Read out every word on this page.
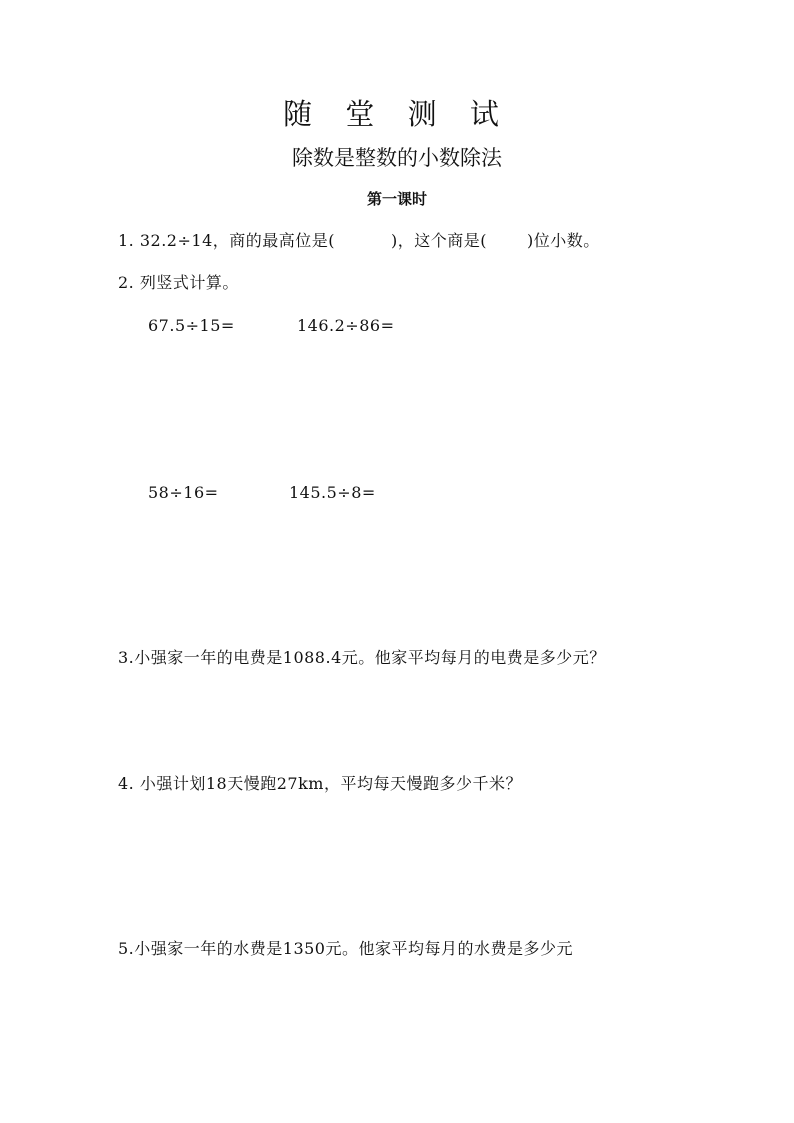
随 堂 测 试
除数是整数的小数除法
第一课时
1. 32.2÷14，商的最高位是(	)，这个商是(	)位小数。
2. 列竖式计算。
67.5÷15=	146.2÷86=
58÷16=	145.5÷8=
3.小强家一年的电费是1088.4元。他家平均每月的电费是多少元？
4. 小强计划18天慢跑27km，平均每天慢跑多少千米？
5.小强家一年的水费是1350元。他家平均每月的水费是多少元
